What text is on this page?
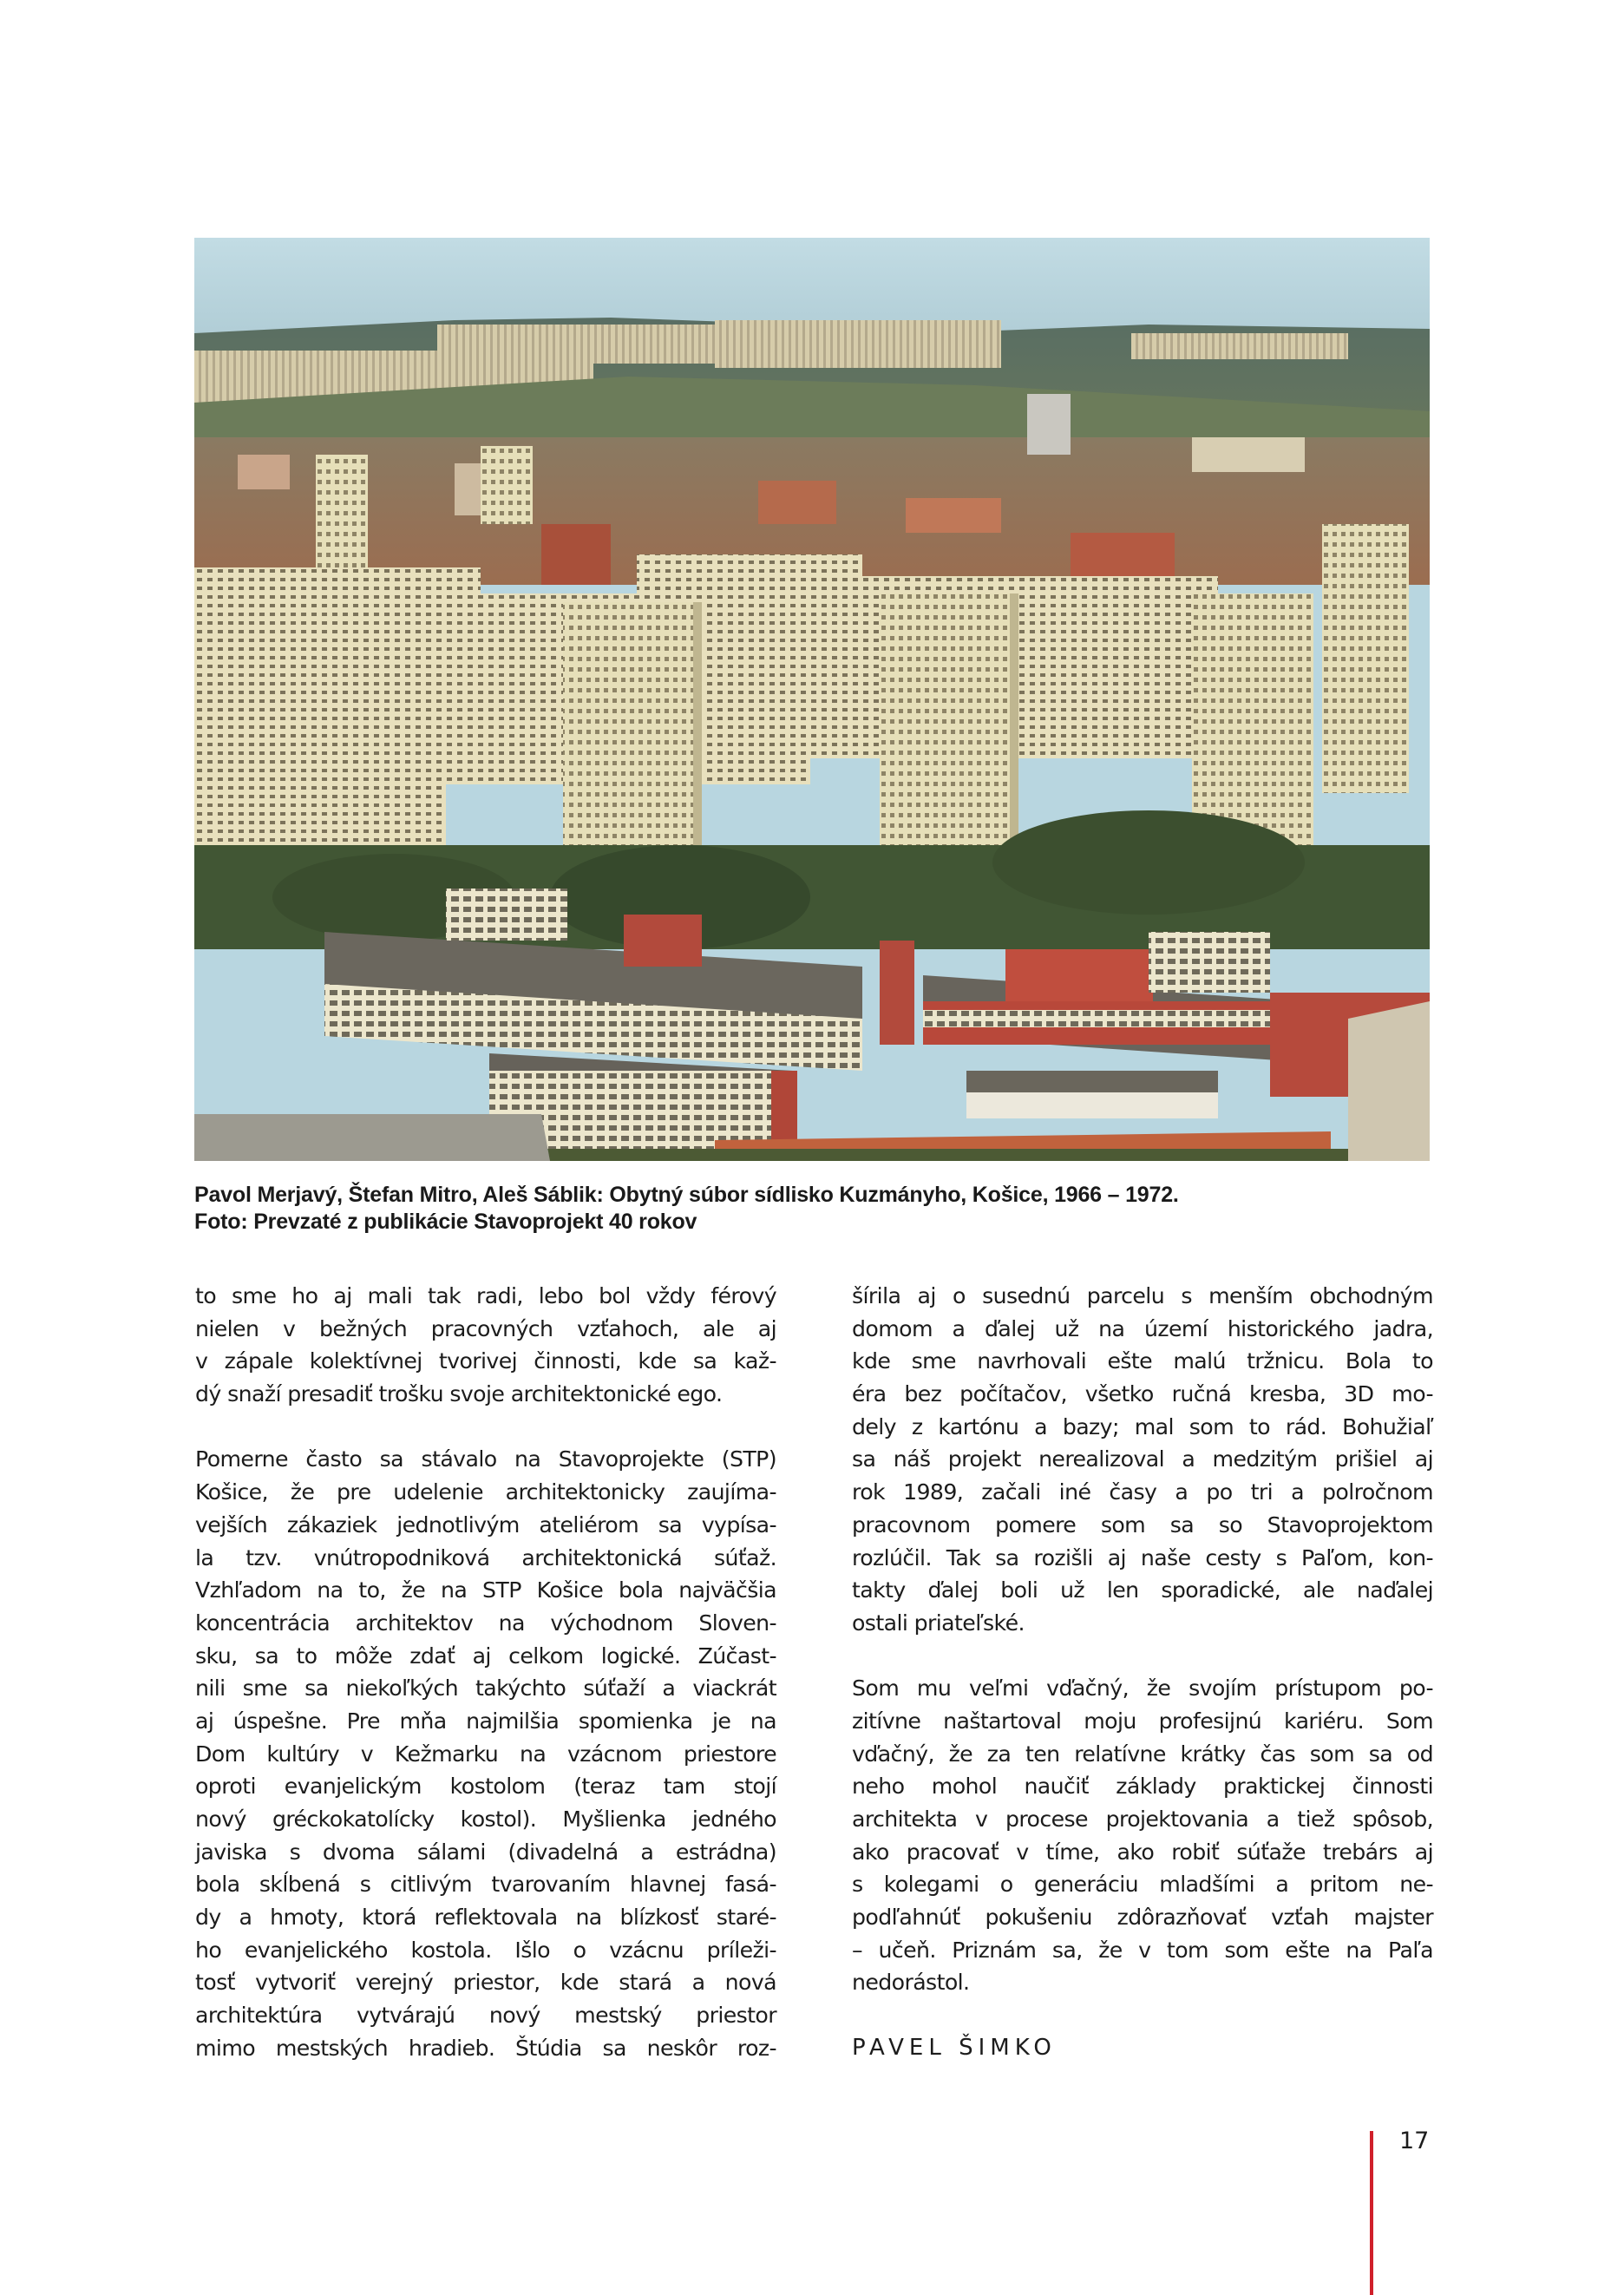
Pavol Merjavý, Štefan Mitro, Aleš Sáblik: Obytný súbor sídlisko Kuzmányho, Košice, 1966 – 1972.
Foto: Prevzaté z publikácie Stavoprojekt 40 rokov
to sme ho aj mali tak radi, lebo bol vždy férový
nielen v bežných pracovných vzťahoch, ale aj
v zápale kolektívnej tvorivej činnosti, kde sa kaž-
dý snaží presadiť trošku svoje architektonické ego.
Pomerne často sa stávalo na Stavoprojekte (STP)
Košice, že pre udelenie architektonicky zaujíma-
vejších zákaziek jednotlivým ateliérom sa vypísa-
la tzv. vnútropodniková architektonická súťaž.
Vzhľadom na to, že na STP Košice bola najväčšia
koncentrácia architektov na východnom Sloven-
sku, sa to môže zdať aj celkom logické. Zúčast-
nili sme sa niekoľkých takýchto súťaží a viackrát
aj úspešne. Pre mňa najmilšia spomienka je na
Dom kultúry v Kežmarku na vzácnom priestore
oproti evanjelickým kostolom (teraz tam stojí
nový gréckokatolícky kostol). Myšlienka jedného
javiska s dvoma sálami (divadelná a estrádna)
bola skĺbená s citlivým tvarovaním hlavnej fasá-
dy a hmoty, ktorá reflektovala na blízkosť staré-
ho evanjelického kostola. Išlo o vzácnu príleži-
tosť vytvoriť verejný priestor, kde stará a nová
architektúra vytvárajú nový mestský priestor
mimo mestských hradieb. Štúdia sa neskôr roz-
šírila aj o susednú parcelu s menším obchodným
domom a ďalej už na území historického jadra,
kde sme navrhovali ešte malú tržnicu. Bola to
éra bez počítačov, všetko ručná kresba, 3D mo-
dely z kartónu a bazy; mal som to rád. Bohužiaľ
sa náš projekt nerealizoval a medzitým prišiel aj
rok 1989, začali iné časy a po tri a polročnom
pracovnom pomere som sa so Stavoprojektom
rozlúčil. Tak sa rozišli aj naše cesty s Paľom, kon-
takty ďalej boli už len sporadické, ale naďalej
ostali priateľské.
Som mu veľmi vďačný, že svojím prístupom po-
zitívne naštartoval moju profesijnú kariéru. Som
vďačný, že za ten relatívne krátky čas som sa od
neho mohol naučiť základy praktickej činnosti
architekta v procese projektovania a tiež spôsob,
ako pracovať v tíme, ako robiť súťaže trebárs aj
s kolegami o generáciu mladšími a pritom ne-
podľahnúť pokušeniu zdôrazňovať vzťah majster
– učeň. Priznám sa, že v tom som ešte na Paľa
nedorástol.
PAVEL ŠIMKO
17
